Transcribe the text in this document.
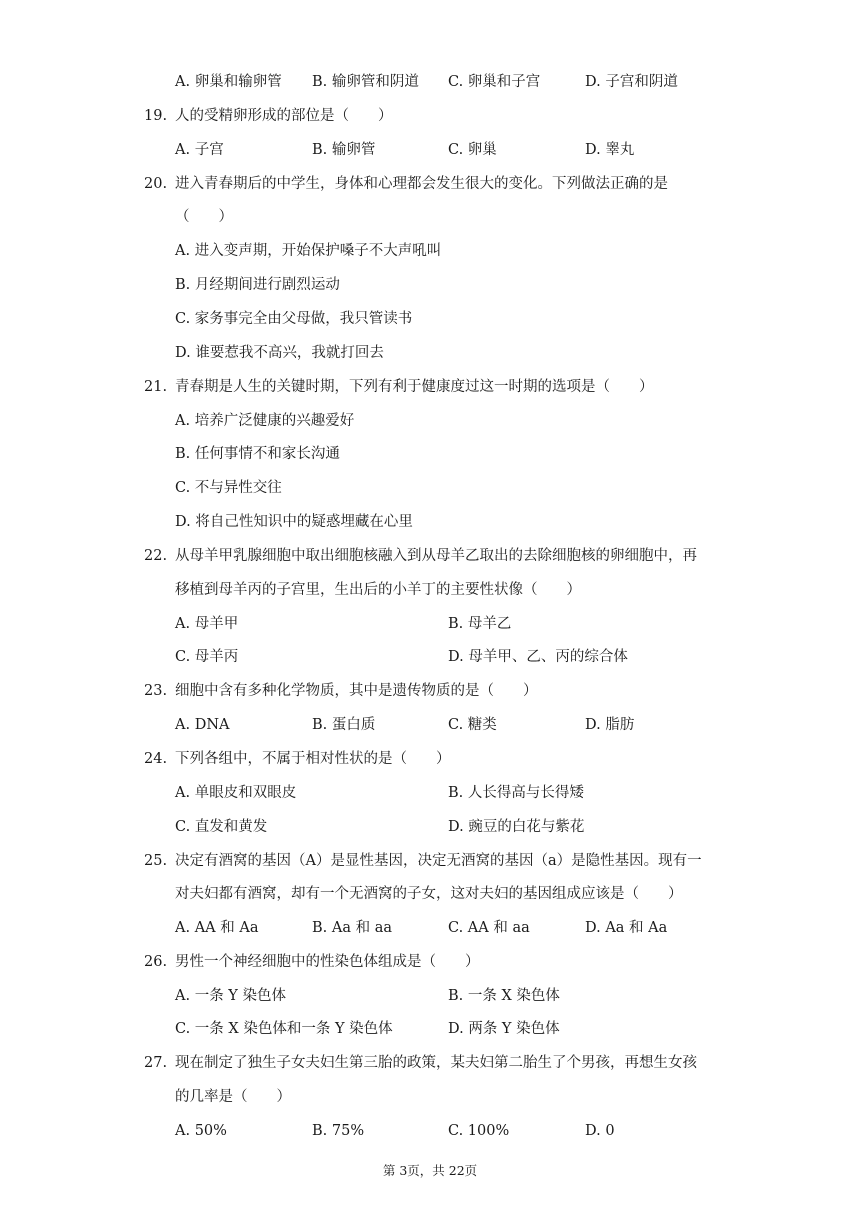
A. 卵巢和输卵管 B. 输卵管和阴道 C. 卵巢和子宫	D. 子宫和阴道
19. 人的受精卵形成的部位是（　　）
A. 子宫	B. 输卵管	C. 卵巢	D. 睾丸
20. 进入青春期后的中学生，身体和心理都会发生很大的变化。下列做法正确的是
（　　）
A. 进入变声期，开始保护嗓子不大声吼叫
B. 月经期间进行剧烈运动
C. 家务事完全由父母做，我只管读书
D. 谁要惹我不高兴，我就打回去
21. 青春期是人生的关键时期，下列有利于健康度过这一时期的选项是（　　）
A. 培养广泛健康的兴趣爱好
B. 任何事情不和家长沟通
C. 不与异性交往
D. 将自己性知识中的疑惑埋藏在心里
22. 从母羊甲乳腺细胞中取出细胞核融入到从母羊乙取出的去除细胞核的卵细胞中，再
移植到母羊丙的子宫里，生出后的小羊丁的主要性状像（　　）
A. 母羊甲	B. 母羊乙
C. 母羊丙	D. 母羊甲、乙、丙的综合体
23. 细胞中含有多种化学物质，其中是遗传物质的是（　　）
A. DNA	B. 蛋白质	C. 糖类	D. 脂肪
24. 下列各组中，不属于相对性状的是（　　）
A. 单眼皮和双眼皮	B. 人长得高与长得矮
C. 直发和黄发	D. 豌豆的白花与紫花
25. 决定有酒窝的基因（A）是显性基因，决定无酒窝的基因（a）是隐性基因。现有一
对夫妇都有酒窝，却有一个无酒窝的子女，这对夫妇的基因组成应该是（　　）
A. AA 和 Aa	B. Aa 和 aa	C. AA 和 aa	D. Aa 和 Aa
26. 男性一个神经细胞中的性染色体组成是（　　）
A. 一条 Y 染色体	B. 一条 X 染色体
C. 一条 X 染色体和一条 Y 染色体	D. 两条 Y 染色体
27. 现在制定了独生子女夫妇生第三胎的政策，某夫妇第二胎生了个男孩，再想生女孩
的几率是（　　）
A. 50%	B. 75%	C. 100%	D. 0
第 3页，共 22页
